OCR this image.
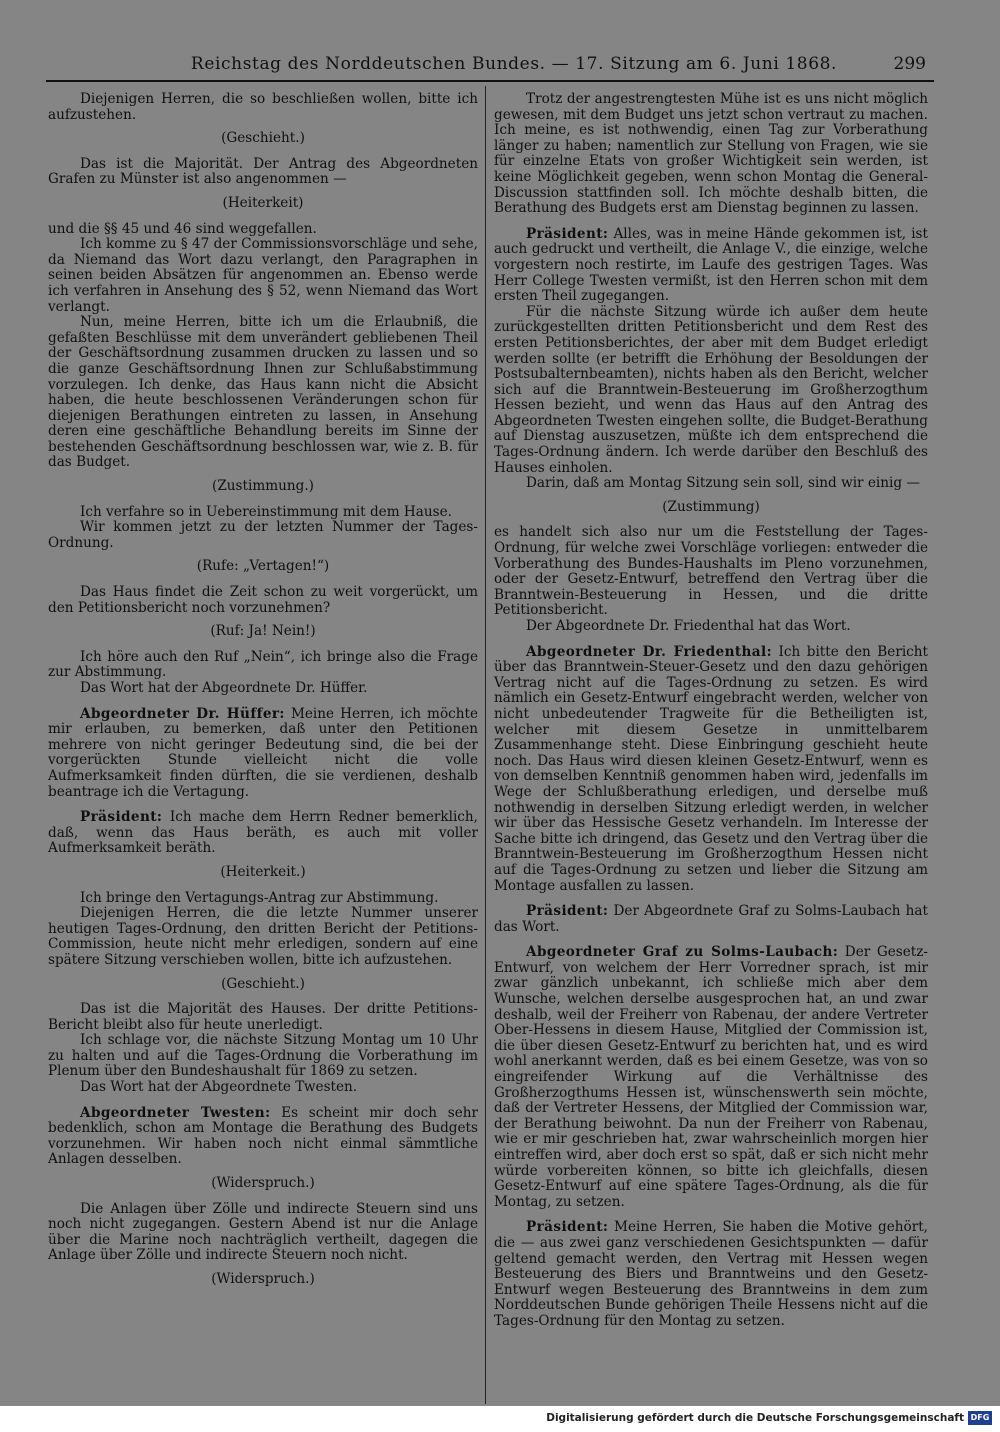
Reichstag des Norddeutschen Bundes. — 17. Sitzung am 6. Juni 1868.	299

Diejenigen Herren, die so beschließen wollen, bitte ich aufzustehen.

(Geschieht.)

Das ist die Majorität. Der Antrag des Abgeordneten Grafen zu Münster ist also angenommen —

(Heiterkeit)

und die §§ 45 und 46 sind weggefallen.

Ich komme zu § 47 der Commissionsvorschläge und sehe, da Niemand das Wort dazu verlangt, den Paragraphen in seinen beiden Absätzen für angenommen an. Ebenso werde ich verfahren in Ansehung des § 52, wenn Niemand das Wort verlangt.

Nun, meine Herren, bitte ich um die Erlaubniß, die gefaßten Beschlüsse mit dem unverändert gebliebenen Theil der Geschäftsordnung zusammen drucken zu lassen und so die ganze Geschäftsordnung Ihnen zur Schlußabstimmung vorzulegen. Ich denke, das Haus kann nicht die Absicht haben, die heute beschlossenen Veränderungen schon für diejenigen Berathungen eintreten zu lassen, in Ansehung deren eine geschäftliche Behandlung bereits im Sinne der bestehenden Geschäftsordnung beschlossen war, wie z. B. für das Budget.

(Zustimmung.)

Ich verfahre so in Uebereinstimmung mit dem Hause.

Wir kommen jetzt zu der letzten Nummer der Tages-Ordnung.

(Rufe: „Vertagen!“)

Das Haus findet die Zeit schon zu weit vorgerückt, um den Petitionsbericht noch vorzunehmen?

(Ruf: Ja! Nein!)

Ich höre auch den Ruf „Nein“, ich bringe also die Frage zur Abstimmung.

Das Wort hat der Abgeordnete Dr. Hüffer.

Abgeordneter Dr. Hüffer: Meine Herren, ich möchte mir erlauben, zu bemerken, daß unter den Petitionen mehrere von nicht geringer Bedeutung sind, die bei der vorgerückten Stunde vielleicht nicht die volle Aufmerksamkeit finden dürften, die sie verdienen, deshalb beantrage ich die Vertagung.

Präsident: Ich mache dem Herrn Redner bemerklich, daß, wenn das Haus beräth, es auch mit voller Aufmerksamkeit beräth.

(Heiterkeit.)

Ich bringe den Vertagungs-Antrag zur Abstimmung.

Diejenigen Herren, die die letzte Nummer unserer heutigen Tages-Ordnung, den dritten Bericht der Petitions-Commission, heute nicht mehr erledigen, sondern auf eine spätere Sitzung verschieben wollen, bitte ich aufzustehen.

(Geschieht.)

Das ist die Majorität des Hauses. Der dritte Petitions-Bericht bleibt also für heute unerledigt.

Ich schlage vor, die nächste Sitzung Montag um 10 Uhr zu halten und auf die Tages-Ordnung die Vorberathung im Plenum über den Bundeshaushalt für 1869 zu setzen.

Das Wort hat der Abgeordnete Twesten.

Abgeordneter Twesten: Es scheint mir doch sehr bedenklich, schon am Montage die Berathung des Budgets vorzunehmen. Wir haben noch nicht einmal sämmtliche Anlagen desselben.

(Widerspruch.)

Die Anlagen über Zölle und indirecte Steuern sind uns noch nicht zugegangen. Gestern Abend ist nur die Anlage über die Marine noch nachträglich vertheilt, dagegen die Anlage über Zölle und indirecte Steuern noch nicht.

(Widerspruch.)

Trotz der angestrengtesten Mühe ist es uns nicht möglich gewesen, mit dem Budget uns jetzt schon vertraut zu machen. Ich meine, es ist nothwendig, einen Tag zur Vorberathung länger zu haben; namentlich zur Stellung von Fragen, wie sie für einzelne Etats von großer Wichtigkeit sein werden, ist keine Möglichkeit gegeben, wenn schon Montag die General-Discussion stattfinden soll. Ich möchte deshalb bitten, die Berathung des Budgets erst am Dienstag beginnen zu lassen.

Präsident: Alles, was in meine Hände gekommen ist, ist auch gedruckt und vertheilt, die Anlage V., die einzige, welche vorgestern noch restirte, im Laufe des gestrigen Tages. Was Herr College Twesten vermißt, ist den Herren schon mit dem ersten Theil zugegangen.

Für die nächste Sitzung würde ich außer dem heute zurückgestellten dritten Petitionsbericht und dem Rest des ersten Petitionsberichtes, der aber mit dem Budget erledigt werden sollte (er betrifft die Erhöhung der Besoldungen der Postsubalternbeamten), nichts haben als den Bericht, welcher sich auf die Branntwein-Besteuerung im Großherzogthum Hessen bezieht, und wenn das Haus auf den Antrag des Abgeordneten Twesten eingehen sollte, die Budget-Berathung auf Dienstag auszusetzen, müßte ich dem entsprechend die Tages-Ordnung ändern. Ich werde darüber den Beschluß des Hauses einholen.

Darin, daß am Montag Sitzung sein soll, sind wir einig —

(Zustimmung)

es handelt sich also nur um die Feststellung der Tages-Ordnung, für welche zwei Vorschläge vorliegen: entweder die Vorberathung des Bundes-Haushalts im Pleno vorzunehmen, oder der Gesetz-Entwurf, betreffend den Vertrag über die Branntwein-Besteuerung in Hessen, und die dritte Petitionsbericht.

Der Abgeordnete Dr. Friedenthal hat das Wort.

Abgeordneter Dr. Friedenthal: Ich bitte den Bericht über das Branntwein-Steuer-Gesetz und den dazu gehörigen Vertrag nicht auf die Tages-Ordnung zu setzen. Es wird nämlich ein Gesetz-Entwurf eingebracht werden, welcher von nicht unbedeutender Tragweite für die Betheiligten ist, welcher mit diesem Gesetze in unmittelbarem Zusammenhange steht. Diese Einbringung geschieht heute noch. Das Haus wird diesen kleinen Gesetz-Entwurf, wenn es von demselben Kenntniß genommen haben wird, jedenfalls im Wege der Schlußberathung erledigen, und derselbe muß nothwendig in derselben Sitzung erledigt werden, in welcher wir über das Hessische Gesetz verhandeln. Im Interesse der Sache bitte ich dringend, das Gesetz und den Vertrag über die Branntwein-Besteuerung im Großherzogthum Hessen nicht auf die Tages-Ordnung zu setzen und lieber die Sitzung am Montage ausfallen zu lassen.

Präsident: Der Abgeordnete Graf zu Solms-Laubach hat das Wort.

Abgeordneter Graf zu Solms-Laubach: Der Gesetz-Entwurf, von welchem der Herr Vorredner sprach, ist mir zwar gänzlich unbekannt, ich schließe mich aber dem Wunsche, welchen derselbe ausgesprochen hat, an und zwar deshalb, weil der Freiherr von Rabenau, der andere Vertreter Ober-Hessens in diesem Hause, Mitglied der Commission ist, die über diesen Gesetz-Entwurf zu berichten hat, und es wird wohl anerkannt werden, daß es bei einem Gesetze, was von so eingreifender Wirkung auf die Verhältnisse des Großherzogthums Hessen ist, wünschenswerth sein möchte, daß der Vertreter Hessens, der Mitglied der Commission war, der Berathung beiwohnt. Da nun der Freiherr von Rabenau, wie er mir geschrieben hat, zwar wahrscheinlich morgen hier eintreffen wird, aber doch erst so spät, daß er sich nicht mehr würde vorbereiten können, so bitte ich gleichfalls, diesen Gesetz-Entwurf auf eine spätere Tages-Ordnung, als die für Montag, zu setzen.

Präsident: Meine Herren, Sie haben die Motive gehört, die — aus zwei ganz verschiedenen Gesichtspunkten — dafür geltend gemacht werden, den Vertrag mit Hessen wegen Besteuerung des Biers und Branntweins und den Gesetz-Entwurf wegen Besteuerung des Branntweins in dem zum Norddeutschen Bunde gehörigen Theile Hessens nicht auf die Tages-Ordnung für den Montag zu setzen.

Digitalisierung gefördert durch die Deutsche Forschungsgemeinschaft DFG
